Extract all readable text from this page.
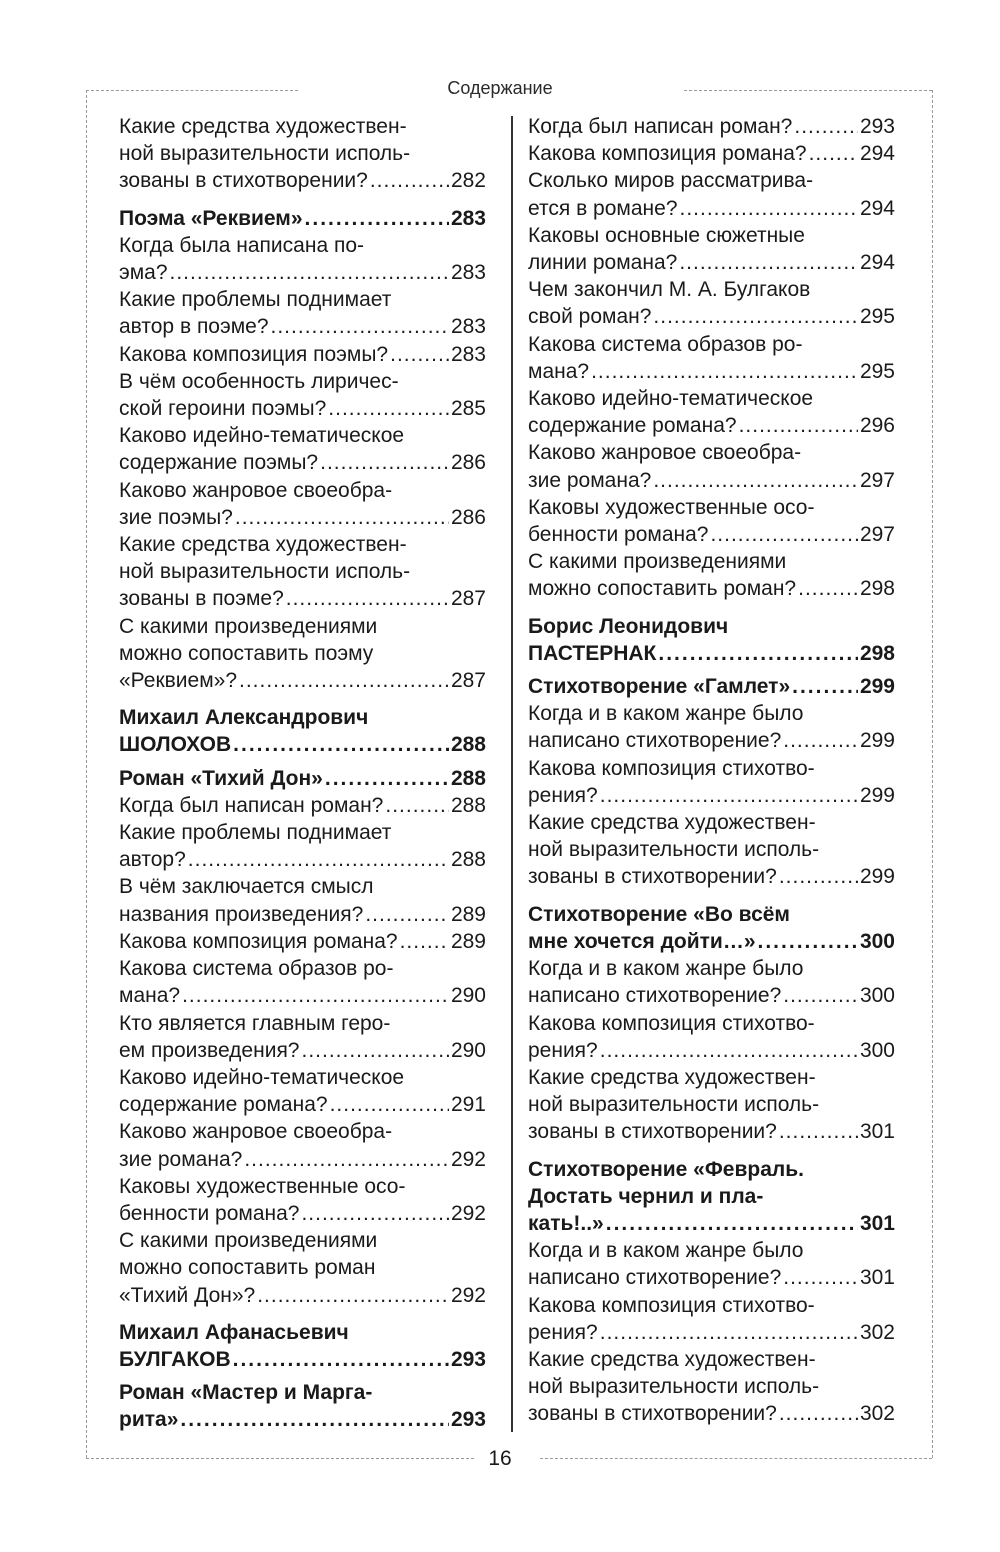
Содержание
Какие средства художествен-
ной выразительности исполь-
зованы в стихотворении? .....	282
Поэма «Реквием» .....	283
Когда была написана по-
эма? .....	283
Какие проблемы поднимает
автор в поэме? .....	283
Какова композиция поэмы? .....	283
В чём особенность лиричес-
ской героини поэмы? .....	285
Каково идейно-тематическое
содержание поэмы? .....	286
Каково жанровое своеобра-
зие поэмы? .....	286
Какие средства художествен-
ной выразительности исполь-
зованы в поэме? .....	287
С какими произведениями
можно сопоставить поэму
«Реквием»? .....	287
Михаил Александрович
ШОЛОХОВ .....	288
Роман «Тихий Дон» .....	288
Когда был написан роман? .....	288
Какие проблемы поднимает
автор? .....	288
В чём заключается смысл
названия произведения? .....	289
Какова композиция романа? .....	289
Какова система образов ро-
мана? .....	290
Кто является главным геро-
ем произведения? .....	290
Каково идейно-тематическое
содержание романа? .....	291
Каково жанровое своеобра-
зие романа? .....	292
Каковы художественные осо-
бенности романа? .....	292
С какими произведениями
можно сопоставить роман
«Тихий Дон»? .....	292
Михаил Афанасьевич
БУЛГАКОВ .....	293
Роман «Мастер и Марга-
рита» .....	293
Когда был написан роман? .....	293
Какова композиция романа? .....	294
Сколько миров рассматрива-
ется в романе? .....	294
Каковы основные сюжетные
линии романа? .....	294
Чем закончил М. А. Булгаков
свой роман? .....	295
Какова система образов ро-
мана? .....	295
Каково идейно-тематическое
содержание романа? .....	296
Каково жанровое своеобра-
зие романа? .....	297
Каковы художественные осо-
бенности романа? .....	297
С какими произведениями
можно сопоставить роман? .....	298
Борис Леонидович
ПАСТЕРНАК .....	298
Стихотворение «Гамлет» .....	299
Когда и в каком жанре было
написано стихотворение? .....	299
Какова композиция стихотво-
рения? .....	299
Какие средства художествен-
ной выразительности исполь-
зованы в стихотворении? .....	299
Стихотворение «Во всём
мне хочется дойти…» .....	300
Когда и в каком жанре было
написано стихотворение? .....	300
Какова композиция стихотво-
рения? .....	300
Какие средства художествен-
ной выразительности исполь-
зованы в стихотворении? .....	301
Стихотворение «Февраль.
Достать чернил и пла-
кать!..» .....	301
Когда и в каком жанре было
написано стихотворение? .....	301
Какова композиция стихотво-
рения? .....	302
Какие средства художествен-
ной выразительности исполь-
зованы в стихотворении? .....	302
16
